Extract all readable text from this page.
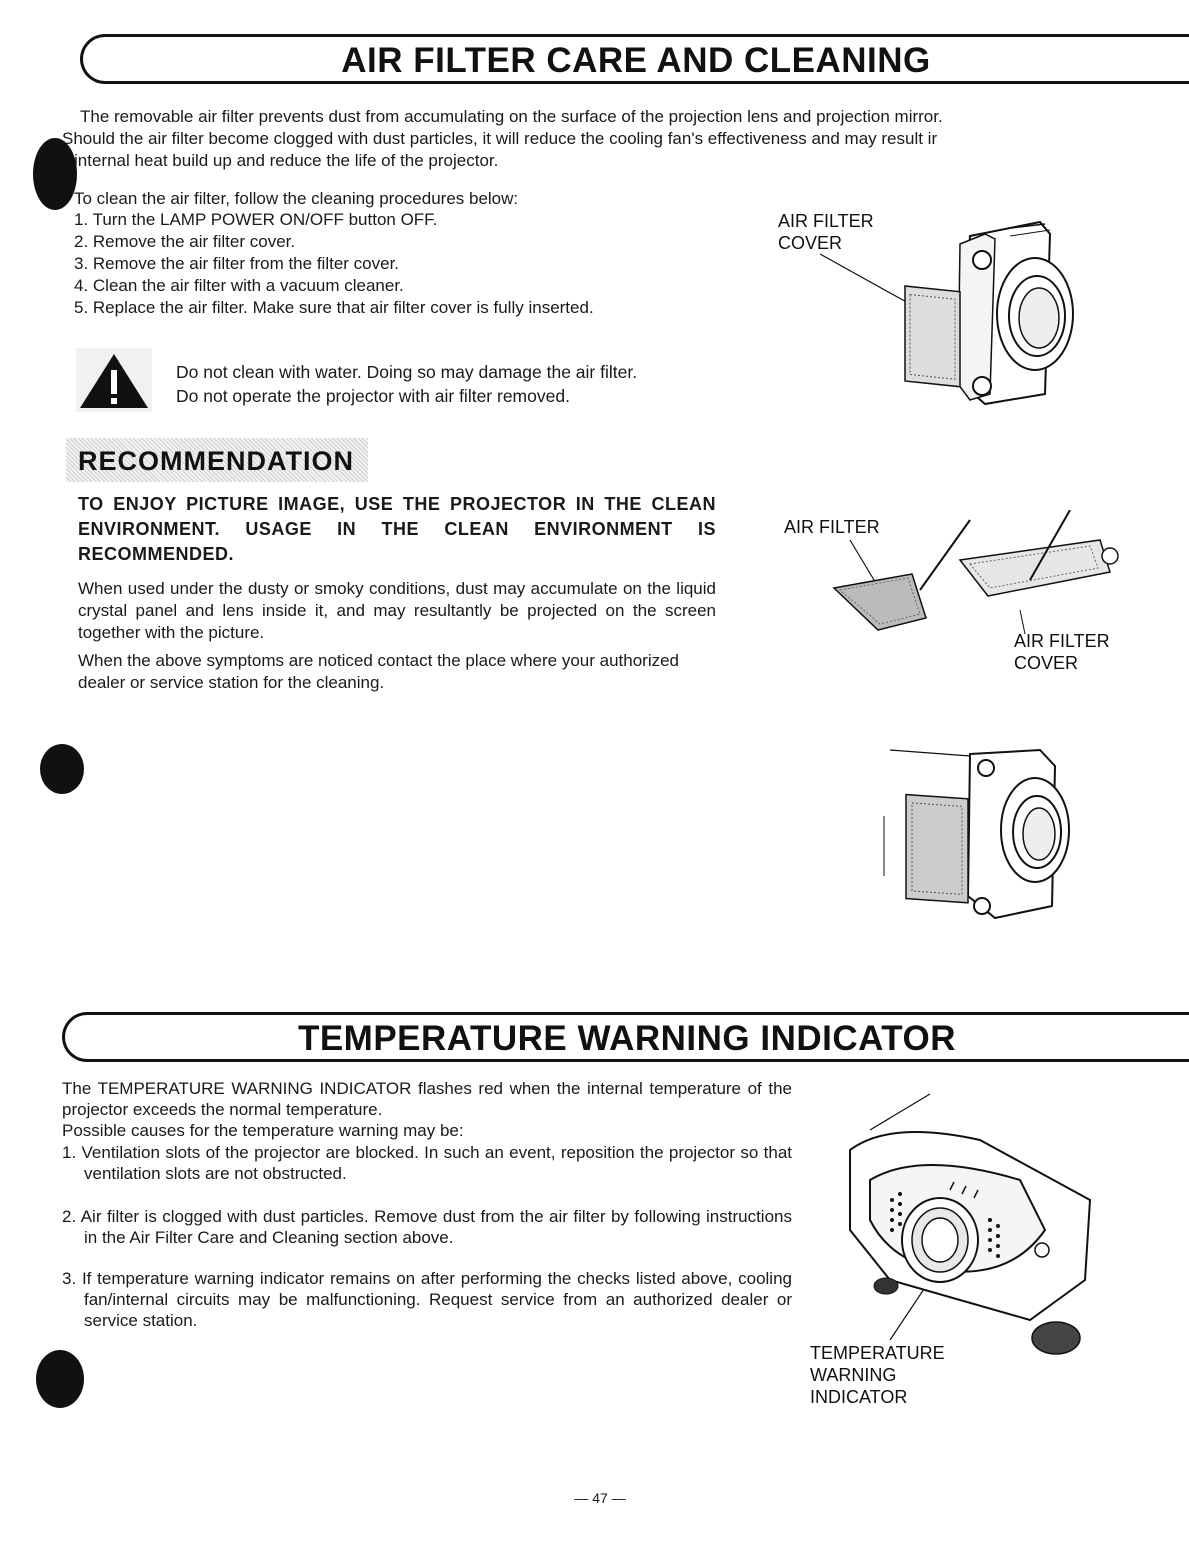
AIR FILTER CARE AND CLEANING

The removable air filter prevents dust from accumulating on the surface of the projection lens and projection mirror.

Should the air filter become clogged with dust particles, it will reduce the cooling fan's effectiveness and may result ir

internal heat build up and reduce the life of the projector.

To clean the air filter, follow the cleaning procedures below:

1. Turn the LAMP POWER ON/OFF button OFF.
2. Remove the air filter cover.
3. Remove the air filter from the filter cover.
4. Clean the air filter with a vacuum cleaner.
5. Replace the air filter. Make sure that air filter cover is fully inserted.

Do not clean with water. Doing so may damage the air filter.

Do not operate the projector with air filter removed.

AIR FILTER
COVER
RECOMMENDATION

TO ENJOY PICTURE IMAGE, USE THE PROJECTOR IN THE CLEAN ENVIRONMENT. USAGE IN THE CLEAN ENVIRONMENT IS RECOMMENDED.

When used under the dusty or smoky conditions, dust may accumulate on the liquid crystal panel and lens inside it, and may resultantly be projected on the screen together with the picture.

When the above symptoms are noticed contact the place where your authorized dealer or service station for the cleaning.

AIR FILTER
AIR FILTER
COVER
TEMPERATURE WARNING INDICATOR

The TEMPERATURE WARNING INDICATOR flashes red when the internal temperature of the projector exceeds the normal temperature.

Possible causes for the temperature warning may be:

1. Ventilation slots of the projector are blocked. In such an event, reposition the projector so that ventilation slots are not obstructed.

2. Air filter is clogged with dust particles. Remove dust from the air filter by following instructions in the Air Filter Care and Cleaning section above.

3. If temperature warning indicator remains on after performing the checks listed above, cooling fan/internal circuits may be malfunctioning. Request service from an authorized dealer or service station.

TEMPERATURE
WARNING
INDICATOR
— 47 —
